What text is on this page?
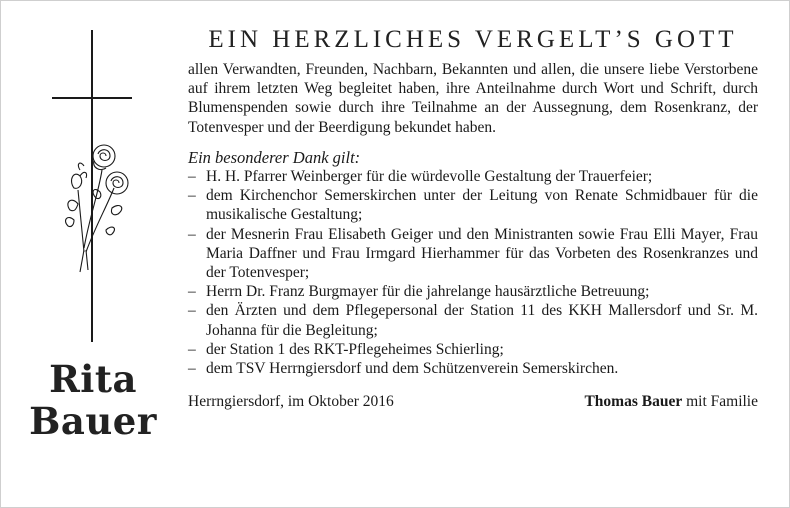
Rita
Bauer
EIN HERZLICHES VERGELT’S GOTT

allen Verwandten, Freunden, Nachbarn, Bekannten und allen, die unsere liebe Verstorbene auf ihrem letzten Weg begleitet haben, ihre Anteilnahme durch Wort und Schrift, durch Blumenspenden sowie durch ihre Teilnahme an der Aussegnung, dem Rosenkranz, der Totenvesper und der Beerdigung bekundet haben.

Ein besonderer Dank gilt:
– H. H. Pfarrer Weinberger für die würdevolle Gestaltung der Trauerfeier;
– dem Kirchenchor Semerskirchen unter der Leitung von Renate Schmidbauer für die musikalische Gestaltung;
– der Mesnerin Frau Elisabeth Geiger und den Ministranten sowie Frau Elli Mayer, Frau Maria Daffner und Frau Irmgard Hierhammer für das Vorbeten des Rosenkranzes und der Totenvesper;
– Herrn Dr. Franz Burgmayer für die jahrelange hausärztliche Betreuung;
– den Ärzten und dem Pflegepersonal der Station 11 des KKH Mallersdorf und Sr. M. Johanna für die Begleitung;
– der Station 1 des RKT-Pflegeheimes Schierling;
– dem TSV Herrngiersdorf und dem Schützenverein Semerskirchen.
Herrngiersdorf, im Oktober 2016	Thomas Bauer mit Familie
